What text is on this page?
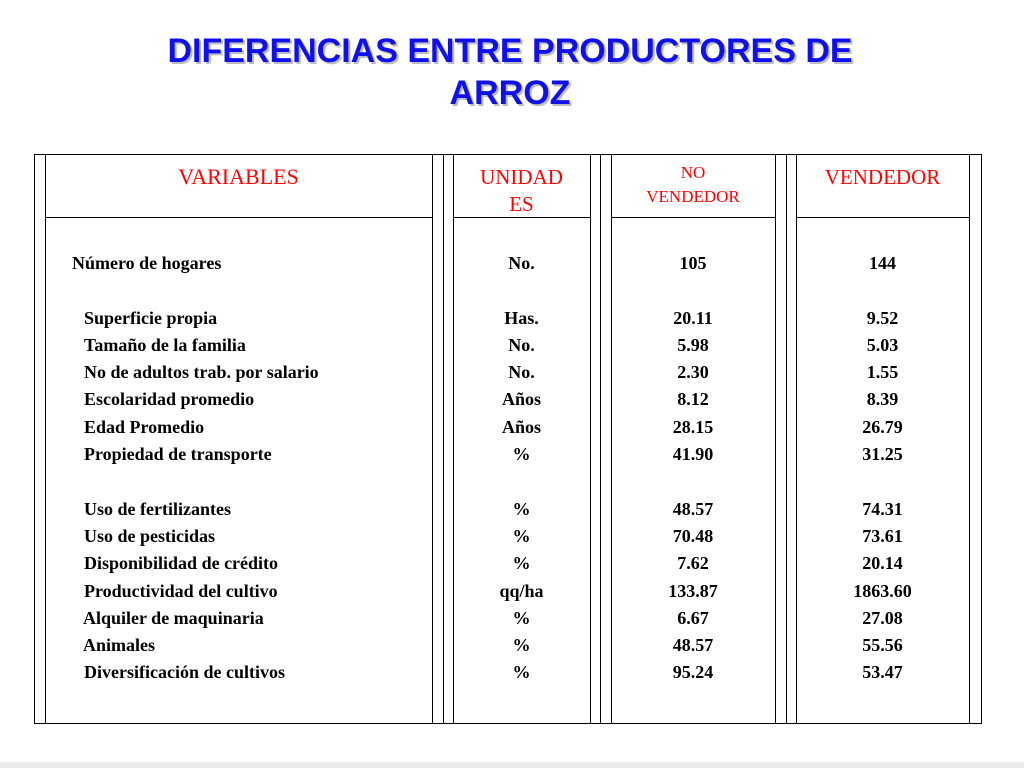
DIFERENCIAS ENTRE PRODUCTORES DE
ARROZ
VARIABLES	UNIDAD
ES
NO
VENDEDOR
VENDEDOR
Número de hogares
Superficie propia
Tamaño de la familia
No de adultos trab. por salario
Escolaridad promedio
Edad Promedio
Propiedad de transporte
Uso de fertilizantes
Uso de pesticidas
Disponibilidad de crédito
Productividad del cultivo
Alquiler de maquinaria
Animales
Diversificación de cultivos
No.
Has.
No.
No.
Años
Años
%
%
%
%
qq/ha
%
%
%
105
20.11
5.98
2.30
8.12
28.15
41.90
48.57
70.48
7.62
133.87
6.67
48.57
95.24
144
9.52
5.03
1.55
8.39
26.79
31.25
74.31
73.61
20.14
1863.60
27.08
55.56
53.47
